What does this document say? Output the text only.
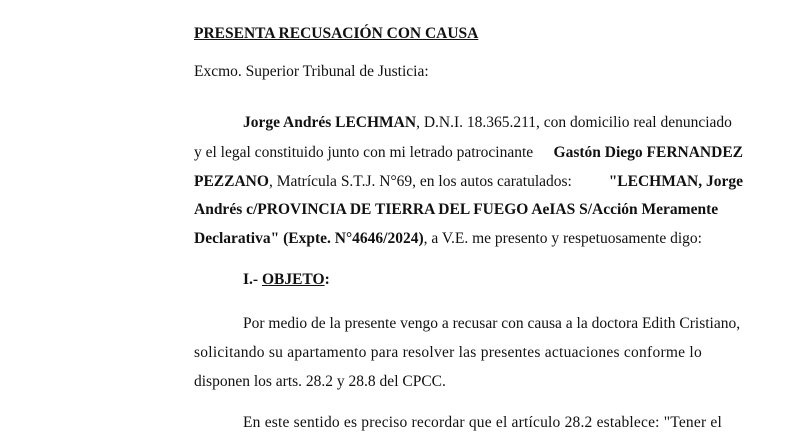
PRESENTA RECUSACIÓN CON CAUSA
Excmo. Superior Tribunal de Justicia:
Jorge Andrés LECHMAN, D.N.I. 18.365.211, con domicilio real denunciado
y el legal constituido junto con mi letrado patrocinante Gastón Diego FERNANDEZ
PEZZANO, Matrícula S.T.J. N°69, en los autos caratulados: "LECHMAN, Jorge
Andrés c/PROVINCIA DE TIERRA DEL FUEGO AeIAS S/Acción Meramente
Declarativa" (Expte. N°4646/2024), a V.E. me presento y respetuosamente digo:
I.- OBJETO:
Por medio de la presente vengo a recusar con causa a la doctora Edith Cristiano,
solicitando su apartamento para resolver las presentes actuaciones conforme lo
disponen los arts. 28.2 y 28.8 del CPCC.
En este sentido es preciso recordar que el artículo 28.2 establece: "Tener el
